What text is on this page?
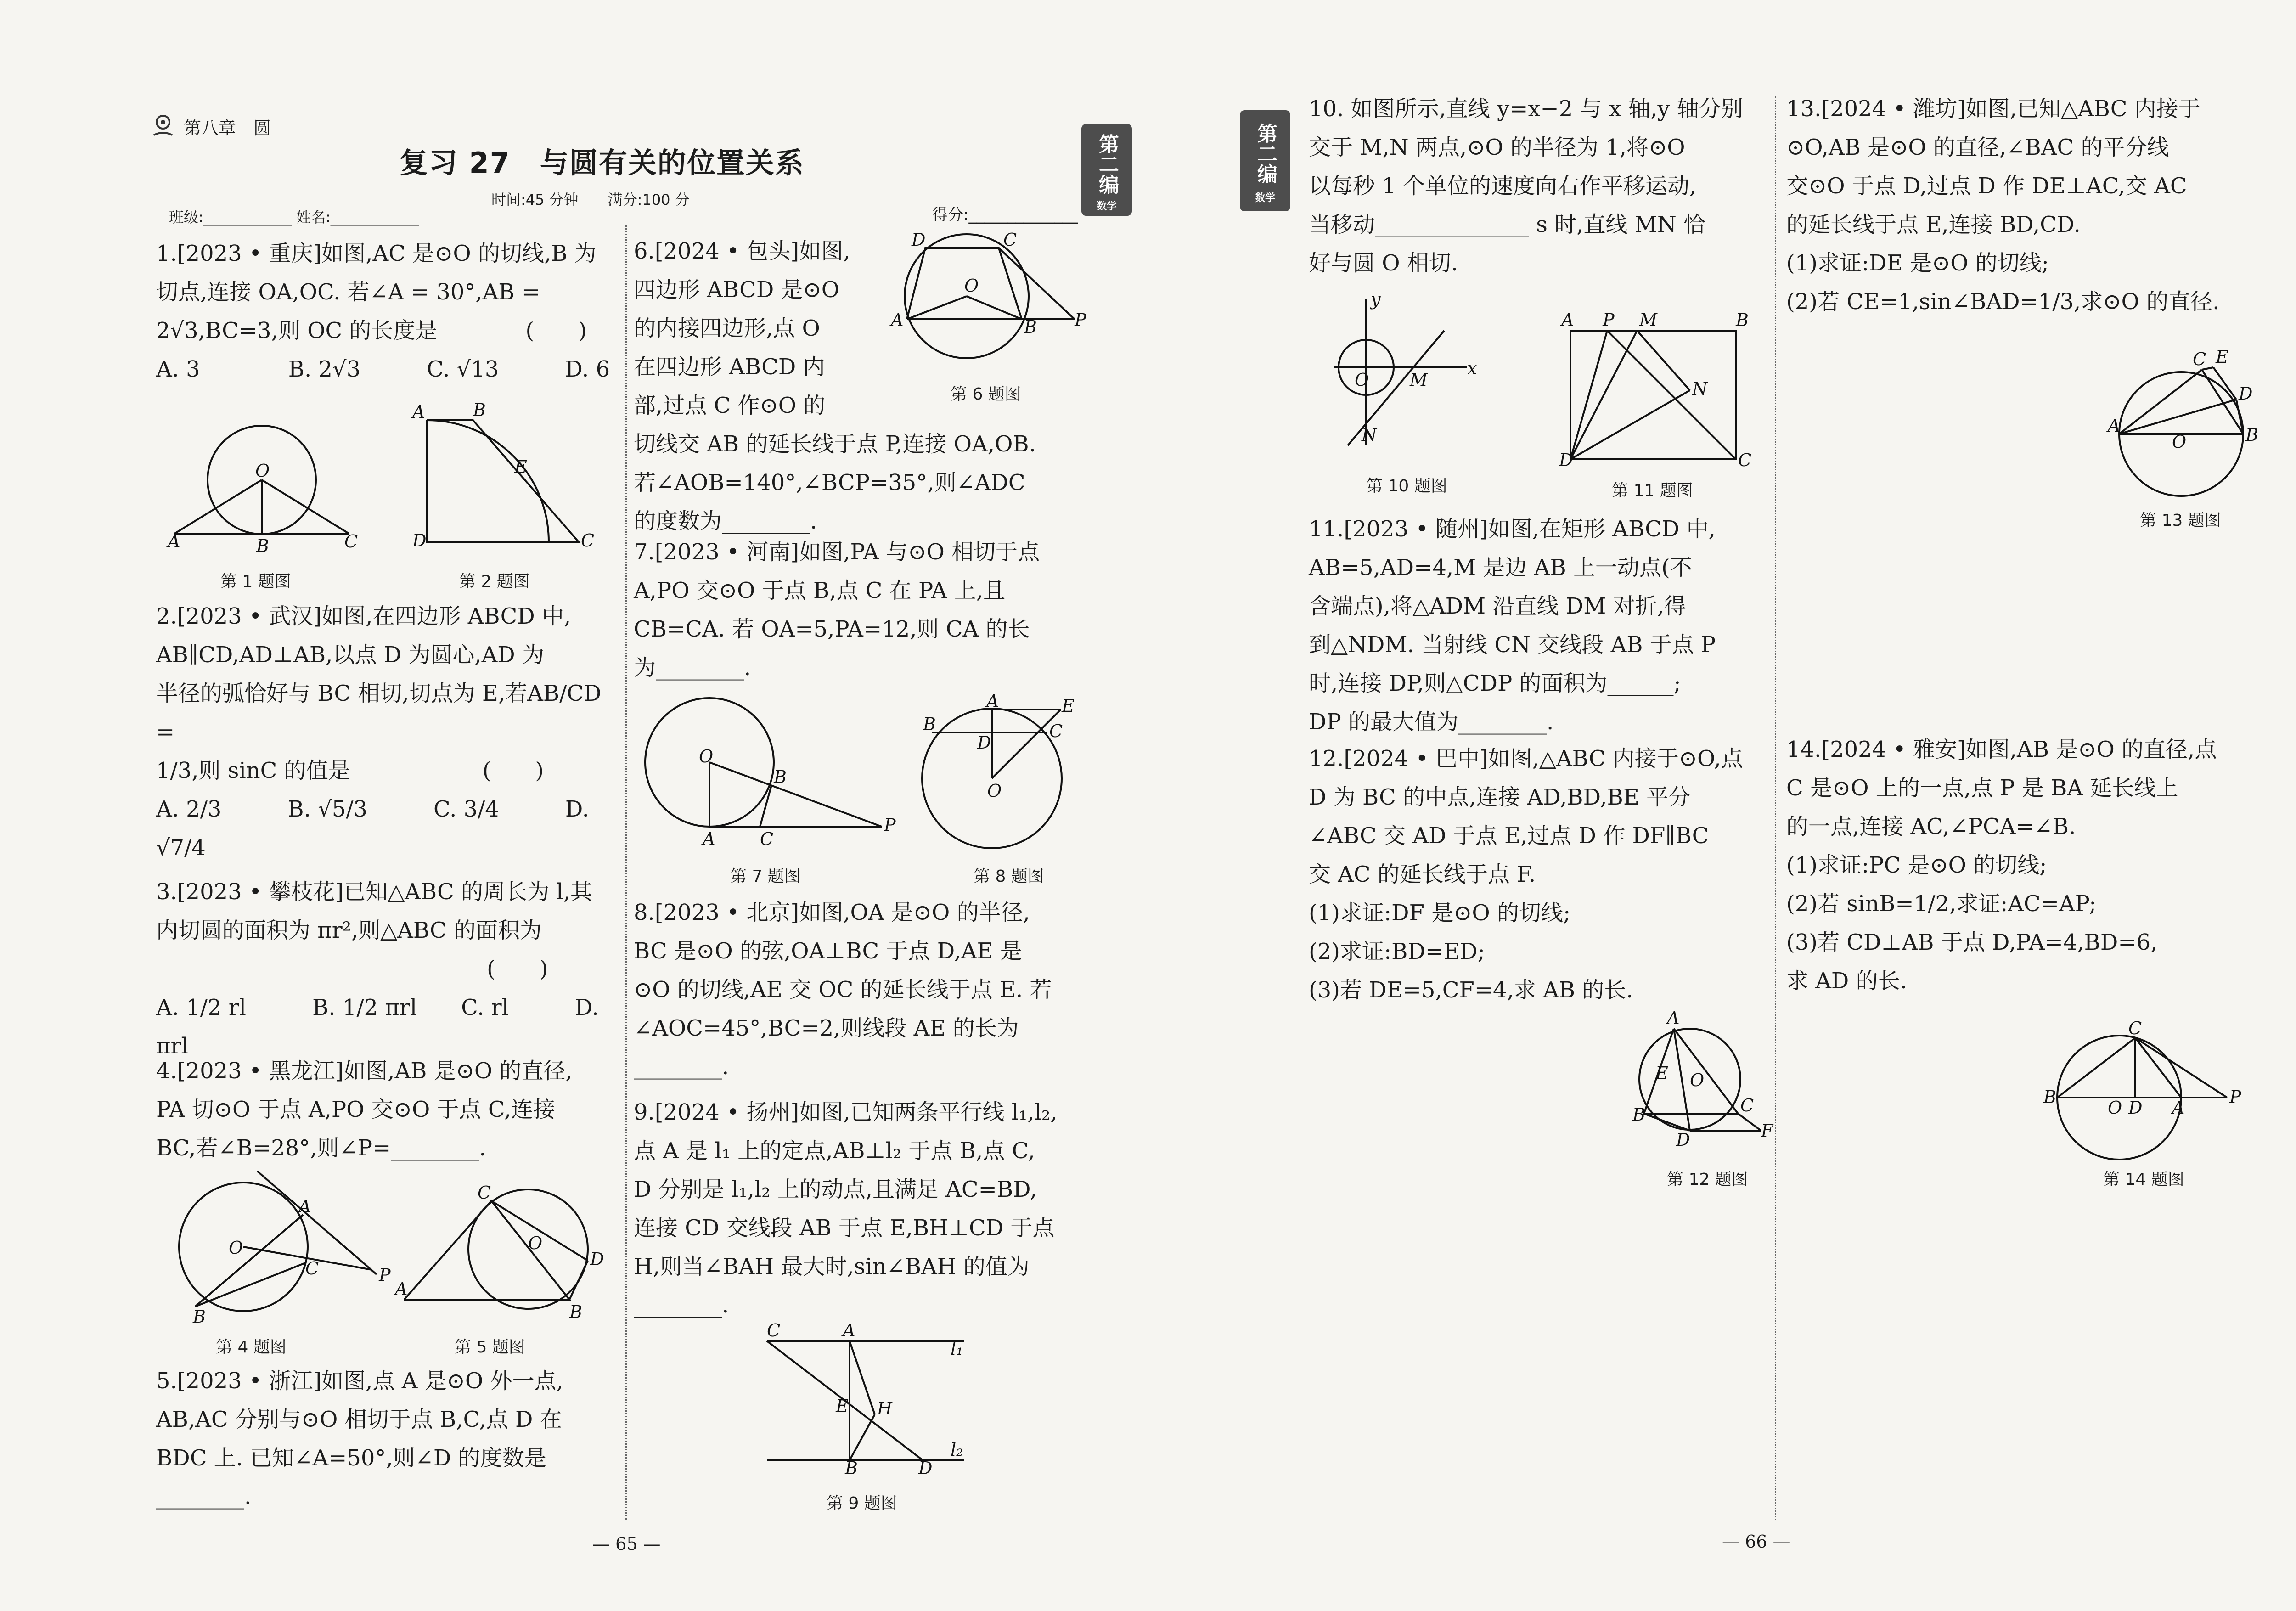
第八章　圆
复习 27　与圆有关的位置关系
时间:45 分钟　　满分:100 分
班级:____________ 姓名:____________	得分:______________
第二编
数学
1.[2023 • 重庆]如图,AC 是⊙O 的切线,B 为
切点,连接 OA,OC. 若∠A = 30°,AB =
2√3,BC=3,则 OC 的长度是　　　　(　　)
A. 3　　　　B. 2√3　　　C. √13　　　D. 6
O
A	B	C
第 1 题图
A	B
E
D	C
第 2 题图
2.[2023 • 武汉]如图,在四边形 ABCD 中,
AB∥CD,AD⊥AB,以点 D 为圆心,AD 为
半径的弧恰好与 BC 相切,切点为 E,若AB/CD =
1/3,则 sinC 的值是　　　　　　(　　)
A. 2/3　　　B. √5/3　　　C. 3/4　　　D. √7/4
3.[2023 • 攀枝花]已知△ABC 的周长为 l,其
内切圆的面积为 πr²,则△ABC 的面积为
　　　　　　　　　　　　　　　(　　)
A. 1/2 rl　　　B. 1/2 πrl　　C. rl　　　D. πrl
4.[2023 • 黑龙江]如图,AB 是⊙O 的直径,
PA 切⊙O 于点 A,PO 交⊙O 于点 C,连接
BC,若∠B=28°,则∠P=________.
A
O
C	P
B
第 4 题图
C
A
D
B
O
第 5 题图
5.[2023 • 浙江]如图,点 A 是⊙O 外一点,
AB,AC 分别与⊙O 相切于点 B,C,点 D 在
BDC 上. 已知∠A=50°,则∠D 的度数是
________.
6.[2024 • 包头]如图,
四边形 ABCD 是⊙O
的内接四边形,点 O
在四边形 ABCD 内
部,过点 C 作⊙O 的
切线交 AB 的延长线于点 P,连接 OA,OB.
若∠AOB=140°,∠BCP=35°,则∠ADC
的度数为________.
D	C
A	B P
O
第 6 题图
7.[2023 • 河南]如图,PA 与⊙O 相切于点
A,PO 交⊙O 于点 B,点 C 在 PA 上,且
CB=CA. 若 OA=5,PA=12,则 CA 的长
为________.
O
B
A	C
P
第 7 题图
B
A	E
C
D
O
第 8 题图
8.[2023 • 北京]如图,OA 是⊙O 的半径,
BC 是⊙O 的弦,OA⊥BC 于点 D,AE 是
⊙O 的切线,AE 交 OC 的延长线于点 E. 若
∠AOC=45°,BC=2,则线段 AE 的长为
________.
9.[2024 • 扬州]如图,已知两条平行线 l₁,l₂,
点 A 是 l₁ 上的定点,AB⊥l₂ 于点 B,点 C,
D 分别是 l₁,l₂ 上的动点,且满足 AC=BD,
连接 CD 交线段 AB 于点 E,BH⊥CD 于点
H,则当∠BAH 最大时,sin∠BAH 的值为
________.
C	A
E H
B	D
l₁
l₂
第 9 题图
— 65 —
第二编
数学
10. 如图所示,直线 y=x−2 与 x 轴,y 轴分别
交于 M,N 两点,⊙O 的半径为 1,将⊙O
以每秒 1 个单位的速度向右作平移运动,
当移动______________ s 时,直线 MN 恰
好与圆 O 相切.
x
y
O M
N
第 10 题图
A P M	B
N
D	C
第 11 题图
11.[2023 • 随州]如图,在矩形 ABCD 中,
AB=5,AD=4,M 是边 AB 上一动点(不
含端点),将△ADM 沿直线 DM 对折,得
到△NDM. 当射线 CN 交线段 AB 于点 P
时,连接 DP,则△CDP 的面积为______;
DP 的最大值为________.
12.[2024 • 巴中]如图,△ABC 内接于⊙O,点
D 为 BC 的中点,连接 AD,BD,BE 平分
∠ABC 交 AD 于点 E,过点 D 作 DF∥BC
交 AC 的延长线于点 F.
(1)求证:DF 是⊙O 的切线;
(2)求证:BD=ED;
(3)若 DE=5,CF=4,求 AB 的长.
A
E O
B	C
D	F
第 12 题图
13.[2024 • 潍坊]如图,已知△ABC 内接于
⊙O,AB 是⊙O 的直径,∠BAC 的平分线
交⊙O 于点 D,过点 D 作 DE⊥AC,交 AC
的延长线于点 E,连接 BD,CD.
(1)求证:DE 是⊙O 的切线;
(2)若 CE=1,sin∠BAD=1/3,求⊙O 的直径.
A
O	B
C E
D
第 13 题图
14.[2024 • 雅安]如图,AB 是⊙O 的直径,点
C 是⊙O 上的一点,点 P 是 BA 延长线上
的一点,连接 AC,∠PCA=∠B.
(1)求证:PC 是⊙O 的切线;
(2)若 sinB=1/2,求证:AC=AP;
(3)若 CD⊥AB 于点 D,PA=4,BD=6,
求 AD 的长.
B
O D A
P
C
第 14 题图
— 66 —
